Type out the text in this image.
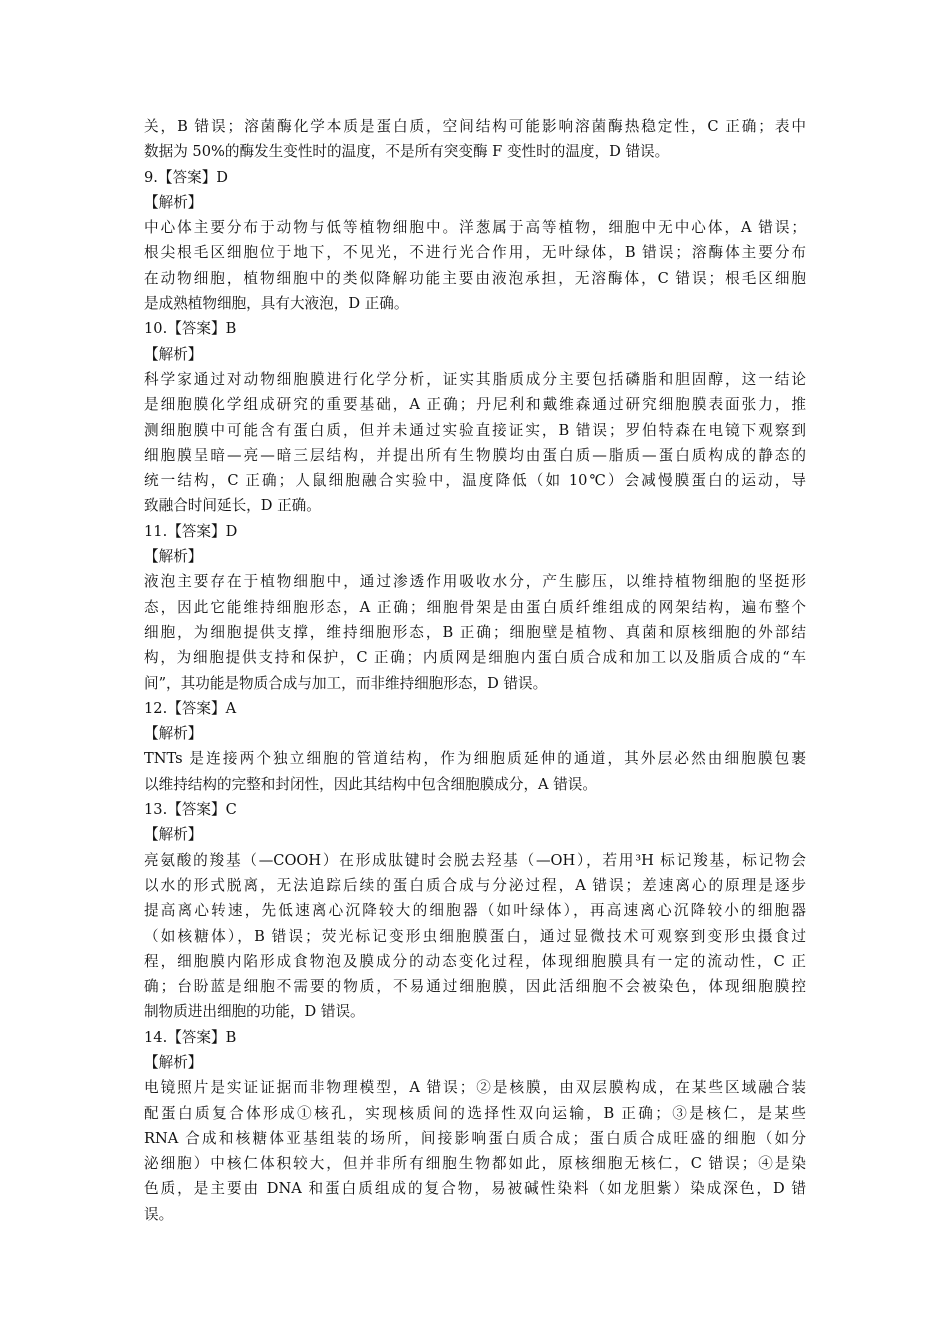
关，B 错误；溶菌酶化学本质是蛋白质，空间结构可能影响溶菌酶热稳定性，C 正确；表中
数据为 50%的酶发生变性时的温度，不是所有突变酶 F 变性时的温度，D 错误。
9.【答案】D
【解析】
中心体主要分布于动物与低等植物细胞中。洋葱属于高等植物，细胞中无中心体，A 错误；
根尖根毛区细胞位于地下，不见光，不进行光合作用，无叶绿体，B 错误；溶酶体主要分布
在动物细胞，植物细胞中的类似降解功能主要由液泡承担，无溶酶体，C 错误；根毛区细胞
是成熟植物细胞，具有大液泡，D 正确。
10.【答案】B
【解析】
科学家通过对动物细胞膜进行化学分析，证实其脂质成分主要包括磷脂和胆固醇，这一结论
是细胞膜化学组成研究的重要基础，A 正确；丹尼利和戴维森通过研究细胞膜表面张力，推
测细胞膜中可能含有蛋白质，但并未通过实验直接证实，B 错误；罗伯特森在电镜下观察到
细胞膜呈暗—亮—暗三层结构，并提出所有生物膜均由蛋白质—脂质—蛋白质构成的静态的
统一结构，C 正确；人鼠细胞融合实验中，温度降低（如 10℃）会减慢膜蛋白的运动，导
致融合时间延长，D 正确。
11.【答案】D
【解析】
液泡主要存在于植物细胞中，通过渗透作用吸收水分，产生膨压，以维持植物细胞的坚挺形
态，因此它能维持细胞形态，A 正确；细胞骨架是由蛋白质纤维组成的网架结构，遍布整个
细胞，为细胞提供支撑，维持细胞形态，B 正确；细胞壁是植物、真菌和原核细胞的外部结
构，为细胞提供支持和保护，C 正确；内质网是细胞内蛋白质合成和加工以及脂质合成的“车
间”，其功能是物质合成与加工，而非维持细胞形态，D 错误。
12.【答案】A
【解析】
TNTs 是连接两个独立细胞的管道结构，作为细胞质延伸的通道，其外层必然由细胞膜包裹
以维持结构的完整和封闭性，因此其结构中包含细胞膜成分，A 错误。
13.【答案】C
【解析】
亮氨酸的羧基（—COOH）在形成肽键时会脱去羟基（—OH），若用³H 标记羧基，标记物会
以水的形式脱离，无法追踪后续的蛋白质合成与分泌过程，A 错误；差速离心的原理是逐步
提高离心转速，先低速离心沉降较大的细胞器（如叶绿体），再高速离心沉降较小的细胞器
（如核糖体），B 错误；荧光标记变形虫细胞膜蛋白，通过显微技术可观察到变形虫摄食过
程，细胞膜内陷形成食物泡及膜成分的动态变化过程，体现细胞膜具有一定的流动性，C 正
确；台盼蓝是细胞不需要的物质，不易通过细胞膜，因此活细胞不会被染色，体现细胞膜控
制物质进出细胞的功能，D 错误。
14.【答案】B
【解析】
电镜照片是实证证据而非物理模型，A 错误；②是核膜，由双层膜构成，在某些区域融合装
配蛋白质复合体形成①核孔，实现核质间的选择性双向运输，B 正确；③是核仁，是某些
RNA 合成和核糖体亚基组装的场所，间接影响蛋白质合成；蛋白质合成旺盛的细胞（如分
泌细胞）中核仁体积较大，但并非所有细胞生物都如此，原核细胞无核仁，C 错误；④是染
色质，是主要由 DNA 和蛋白质组成的复合物，易被碱性染料（如龙胆紫）染成深色，D 错
误。
